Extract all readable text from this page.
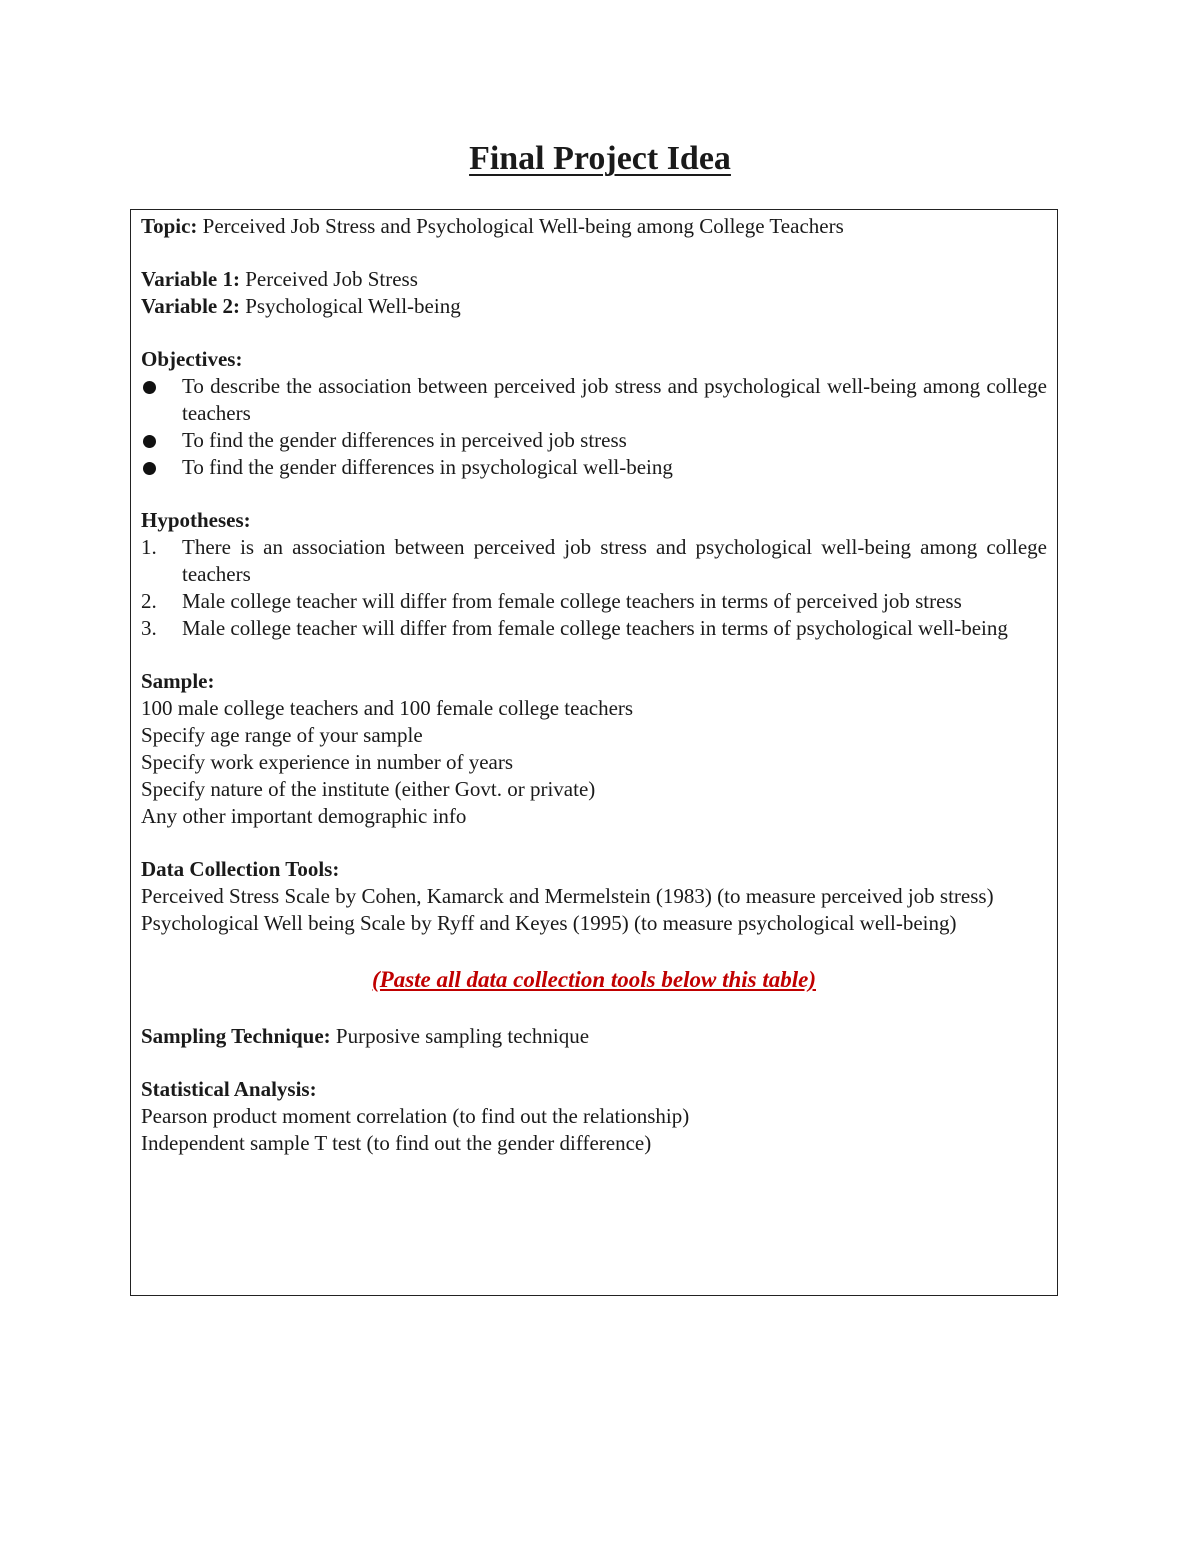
Final Project Idea

Topic: Perceived Job Stress and Psychological Well-being among College Teachers

Variable 1: Perceived Job Stress

Variable 2: Psychological Well-being

Objectives:

To describe the association between perceived job stress and psychological well-being among college teachers
To find the gender differences in perceived job stress
To find the gender differences in psychological well-being

Hypotheses:

1. There is an association between perceived job stress and psychological well-being among college teachers
2. Male college teacher will differ from female college teachers in terms of perceived job stress
3. Male college teacher will differ from female college teachers in terms of psychological well-being

Sample:

100 male college teachers and 100 female college teachers

Specify age range of your sample

Specify work experience in number of years

Specify nature of the institute (either Govt. or private)

Any other important demographic info

Data Collection Tools:

Perceived Stress Scale by Cohen, Kamarck and Mermelstein (1983) (to measure perceived job stress)

Psychological Well being Scale by Ryff and Keyes (1995) (to measure psychological well-being)

(Paste all data collection tools below this table)

Sampling Technique: Purposive sampling technique

Statistical Analysis:

Pearson product moment correlation (to find out the relationship)

Independent sample T test (to find out the gender difference)
